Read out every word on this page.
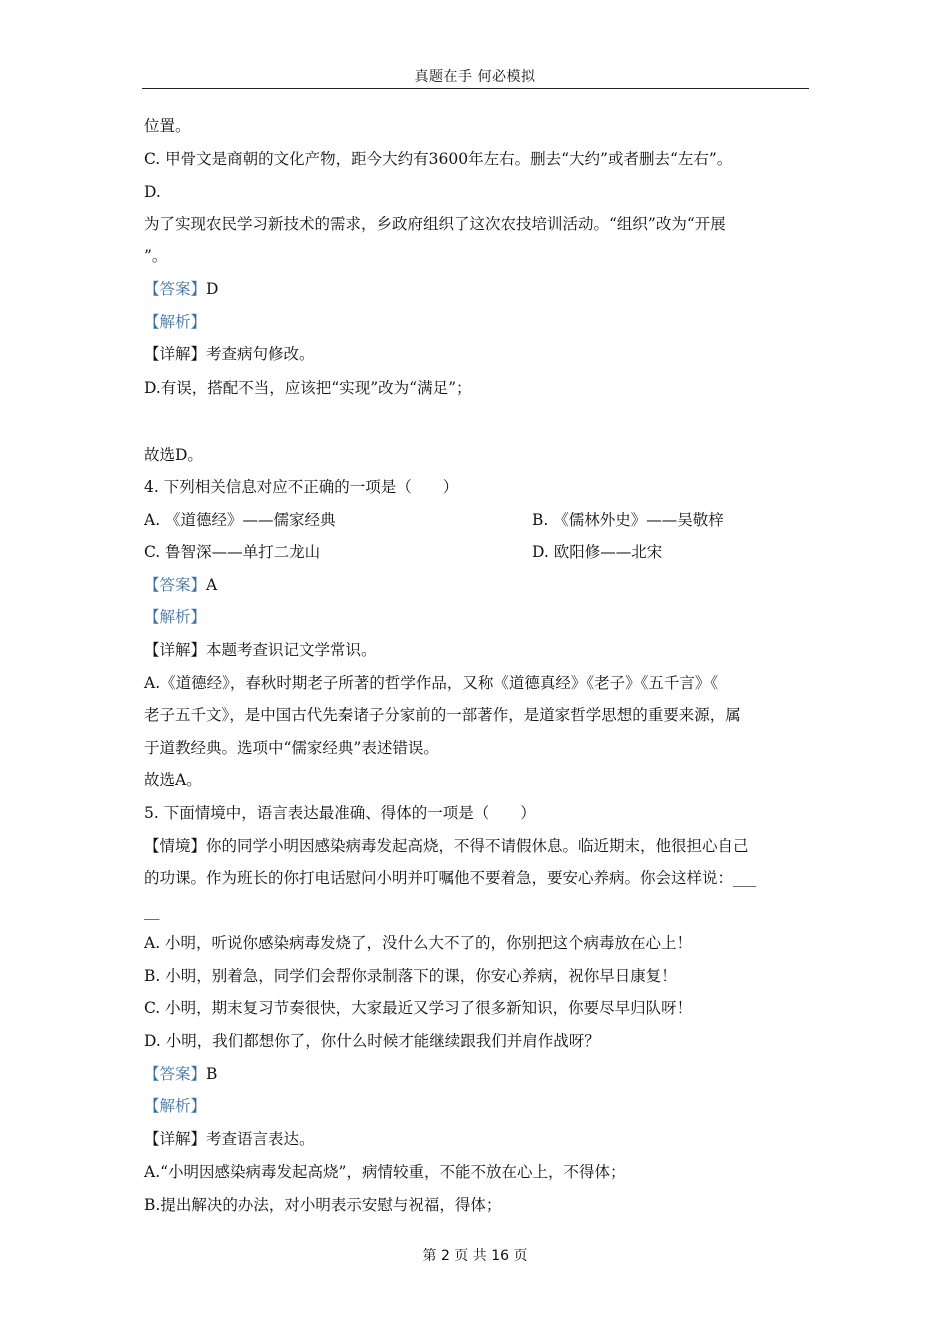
真题在手 何必模拟
位置。
C. 甲骨文是商朝的文化产物，距今大约有3600年左右。删去“大约”或者删去“左右”。
D.
为了实现农民学习新技术的需求，乡政府组织了这次农技培训活动。“组织”改为“开展
”。
【答案】D
【解析】
【详解】考查病句修改。
D.有误，搭配不当，应该把“实现”改为“满足”；
故选D。
4. 下列相关信息对应不正确的一项是（　　）
A. 《道德经》——儒家经典	B. 《儒林外史》——吴敬梓
C. 鲁智深——单打二龙山	D. 欧阳修——北宋
【答案】A
【解析】
【详解】本题考查识记文学常识。
A.《道德经》，春秋时期老子所著的哲学作品，又称《道德真经》《老子》《五千言》《
老子五千文》，是中国古代先秦诸子分家前的一部著作，是道家哲学思想的重要来源，属
于道教经典。选项中“儒家经典”表述错误。
故选A。
5. 下面情境中，语言表达最准确、得体的一项是（　　）
【情境】你的同学小明因感染病毒发起高烧，不得不请假休息。临近期末，他很担心自己
的功课。作为班长的你打电话慰问小明并叮嘱他不要着急，要安心养病。你会这样说：___
__
A. 小明，听说你感染病毒发烧了，没什么大不了的，你别把这个病毒放在心上！
B. 小明，别着急，同学们会帮你录制落下的课，你安心养病，祝你早日康复！
C. 小明，期末复习节奏很快，大家最近又学习了很多新知识，你要尽早归队呀！
D. 小明，我们都想你了，你什么时候才能继续跟我们并肩作战呀？
【答案】B
【解析】
【详解】考查语言表达。
A.“小明因感染病毒发起高烧”，病情较重，不能不放在心上，不得体；
B.提出解决的办法，对小明表示安慰与祝福，得体；
第 2 页 共 16 页
